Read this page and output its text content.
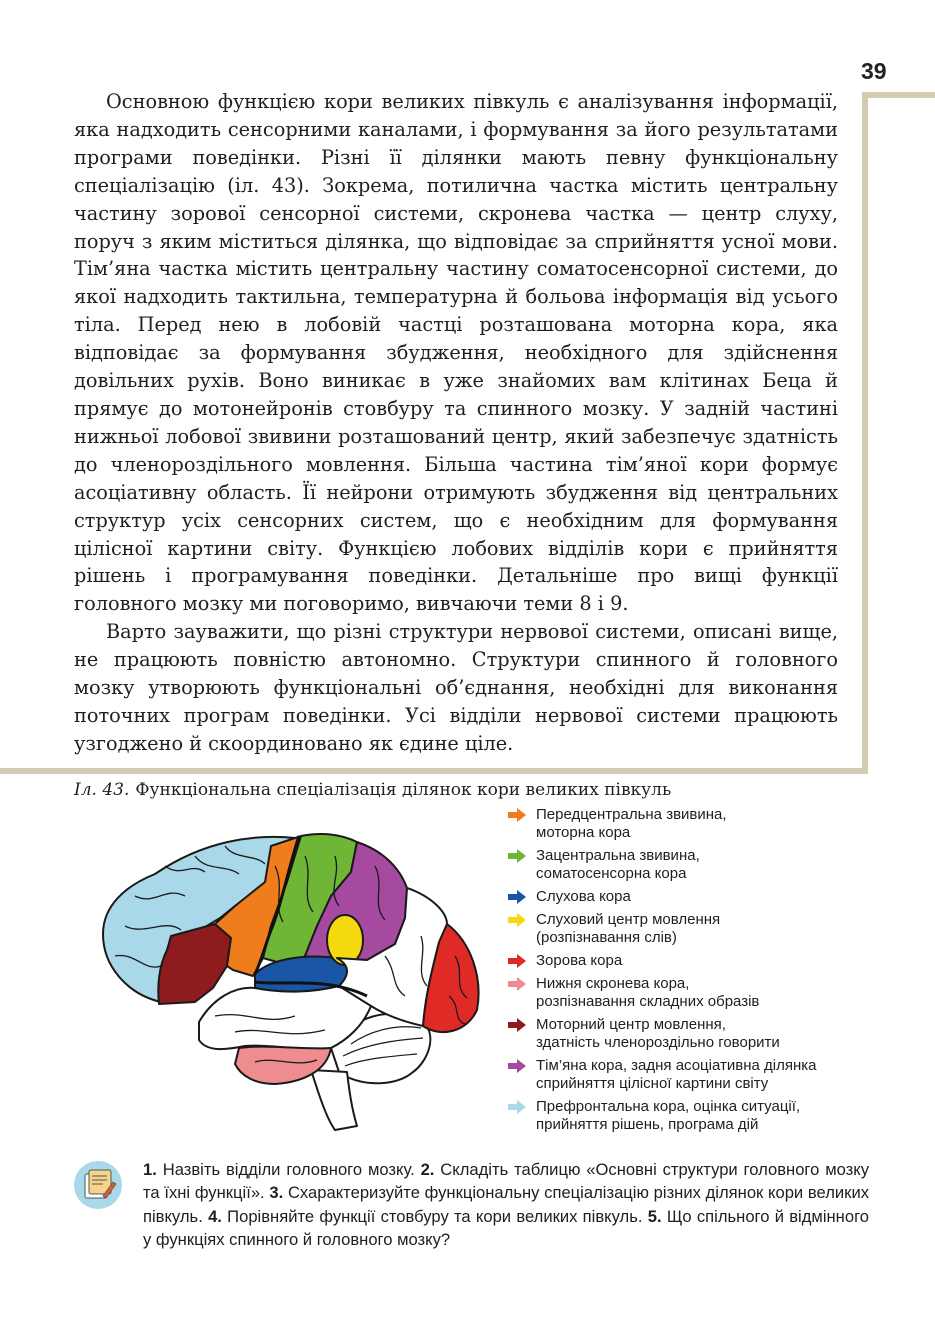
39

Основною функцією кори великих півкуль є аналізування інформації, яка надходить сенсорними каналами, і формування за його результатами програми поведінки. Різні її ділянки мають певну функціональну спеціалізацію (іл. 43). Зокрема, потилична частка містить центральну частину зорової сенсорної системи, скронева частка — центр слуху, поруч з яким міститься ділянка, що відповідає за сприйняття усної мови. Тім’яна частка містить центральну частину соматосенсорної системи, до якої надходить тактильна, температурна й больова інформація від усього тіла. Перед нею в лобовій частці розташована моторна кора, яка відповідає за формування збудження, необхідного для здійснення довільних рухів. Воно виникає в уже знайомих вам клітинах Беца й прямує до мотонейронів стовбуру та спинного мозку. У задній частині нижньої лобової звивини розташований центр, який забезпечує здатність до членороздільного мовлення. Більша частина тім’яної кори формує асоціативну область. Її нейрони отримують збудження від центральних структур усіх сенсорних систем, що є необхідним для формування цілісної картини світу. Функцією лобових відділів кори є прийняття рішень і програмування поведінки. Детальніше про вищі функції головного мозку ми поговоримо, вивчаючи теми 8 і 9.

Варто зауважити, що різні структури нервової системи, описані вище, не працюють повністю автономно. Структури спинного й головного мозку утворюють функціональні об’єднання, необхідні для виконання поточних програм поведінки. Усі відділи нервової системи працюють узгоджено й скоординовано як єдине ціле.

Іл. 43. Функціональна спеціалізація ділянок кори великих півкуль
Передцентральна звивина,
моторна кора
Зацентральна звивина,
соматосенсорна кора
Слухова кора
Слуховий центр мовлення
(розпізнавання слів)
Зорова кора
Нижня скронева кора,
розпізнавання складних образів
Моторний центр мовлення,
здатність членороздільно говорити
Тім’яна кора, задня асоціативна ділянка
сприйняття цілісної картини світу
Префронтальна кора, оцінка ситуації,
прийняття рішень, програма дій
1. Назвіть відділи головного мозку. 2. Складіть таблицю «Основні структури головного мозку та їхні функції». 3. Схарактеризуйте функціональну спеціалізацію різних ділянок кори великих півкуль. 4. Порівняйте функції стовбуру та кори великих півкуль. 5. Що спільного й відмінного у функціях спинного й головного мозку?
